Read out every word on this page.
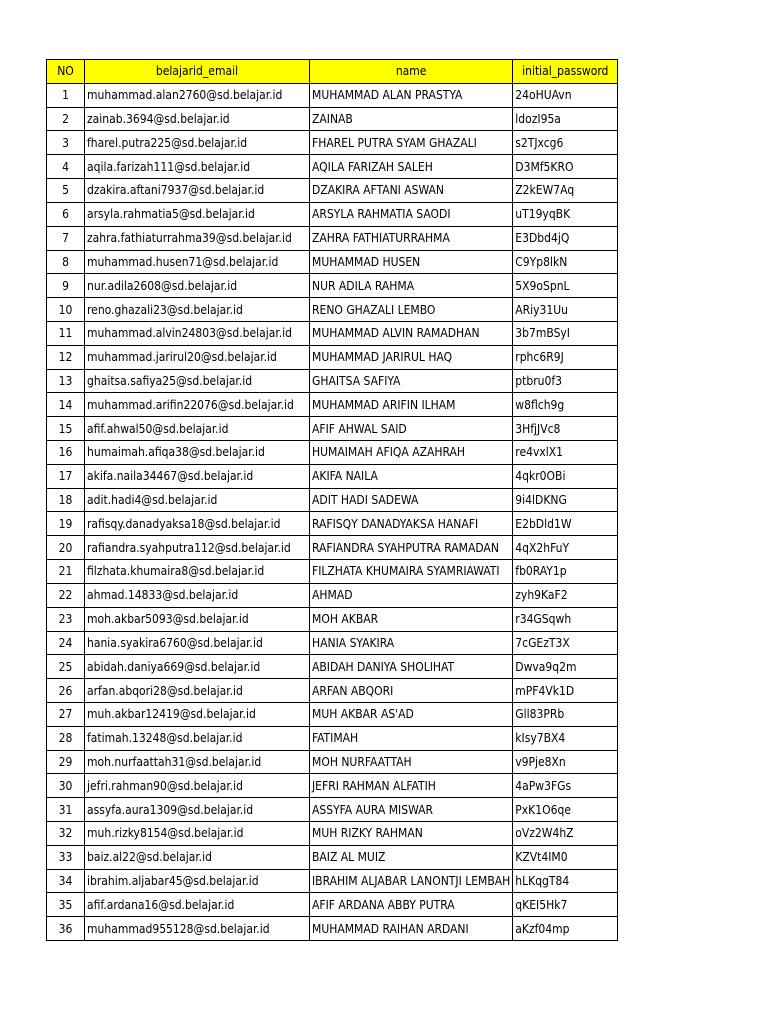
NO	belajarid_email	name	initial_password
1	muhammad.alan2760@sd.belajar.id	MUHAMMAD ALAN PRASTYA	24oHUAvn
2	zainab.3694@sd.belajar.id	ZAINAB	ldozI95a
3	fharel.putra225@sd.belajar.id	FHAREL PUTRA SYAM GHAZALI	s2TJxcg6
4	aqila.farizah111@sd.belajar.id	AQILA FARIZAH SALEH	D3Mf5KRO
5	dzakira.aftani7937@sd.belajar.id	DZAKIRA AFTANI ASWAN	Z2kEW7Aq
6	arsyla.rahmatia5@sd.belajar.id	ARSYLA RAHMATIA SAODI	uT19yqBK
7	zahra.fathiaturrahma39@sd.belajar.id	ZAHRA FATHIATURRAHMA	E3Dbd4jQ
8	muhammad.husen71@sd.belajar.id	MUHAMMAD HUSEN	C9Yp8lkN
9	nur.adila2608@sd.belajar.id	NUR ADILA RAHMA	5X9oSpnL
10	reno.ghazali23@sd.belajar.id	RENO GHAZALI LEMBO	ARiy31Uu
11	muhammad.alvin24803@sd.belajar.id	MUHAMMAD ALVIN RAMADHAN	3b7mBSyI
12	muhammad.jarirul20@sd.belajar.id	MUHAMMAD JARIRUL HAQ	rphc6R9J
13	ghaitsa.safiya25@sd.belajar.id	GHAITSA SAFIYA	ptbru0f3
14	muhammad.arifin22076@sd.belajar.id	MUHAMMAD ARIFIN ILHAM	w8flch9g
15	afif.ahwal50@sd.belajar.id	AFIF AHWAL SAID	3HfjJVc8
16	humaimah.afiqa38@sd.belajar.id	HUMAIMAH AFIQA AZAHRAH	re4vxlX1
17	akifa.naila34467@sd.belajar.id	AKIFA NAILA	4qkr0OBi
18	adit.hadi4@sd.belajar.id	ADIT HADI SADEWA	9i4lDKNG
19	rafisqy.danadyaksa18@sd.belajar.id	RAFISQY DANADYAKSA HANAFI	E2bDld1W
20	rafiandra.syahputra112@sd.belajar.id	RAFIANDRA SYAHPUTRA RAMADAN	4qX2hFuY
21	filzhata.khumaira8@sd.belajar.id	FILZHATA KHUMAIRA SYAMRIAWATI	fb0RAY1p
22	ahmad.14833@sd.belajar.id	AHMAD	zyh9KaF2
23	moh.akbar5093@sd.belajar.id	MOH AKBAR	r34GSqwh
24	hania.syakira6760@sd.belajar.id	HANIA SYAKIRA	7cGEzT3X
25	abidah.daniya669@sd.belajar.id	ABIDAH DANIYA SHOLIHAT	Dwva9q2m
26	arfan.abqori28@sd.belajar.id	ARFAN ABQORI	mPF4Vk1D
27	muh.akbar12419@sd.belajar.id	MUH AKBAR AS'AD	Gll83PRb
28	fatimah.13248@sd.belajar.id	FATIMAH	kIsy7BX4
29	moh.nurfaattah31@sd.belajar.id	MOH NURFAATTAH	v9Pje8Xn
30	jefri.rahman90@sd.belajar.id	JEFRI RAHMAN ALFATIH	4aPw3FGs
31	assyfa.aura1309@sd.belajar.id	ASSYFA AURA MISWAR	PxK1O6qe
32	muh.rizky8154@sd.belajar.id	MUH RIZKY RAHMAN	oVz2W4hZ
33	baiz.al22@sd.belajar.id	BAIZ AL MUIZ	KZVt4IM0
34	ibrahim.aljabar45@sd.belajar.id	IBRAHIM ALJABAR LANONTJI LEMBAH	hLKqgT84
35	afif.ardana16@sd.belajar.id	AFIF ARDANA ABBY PUTRA	qKEI5Hk7
36	muhammad955128@sd.belajar.id	MUHAMMAD RAIHAN ARDANI	aKzf04mp
